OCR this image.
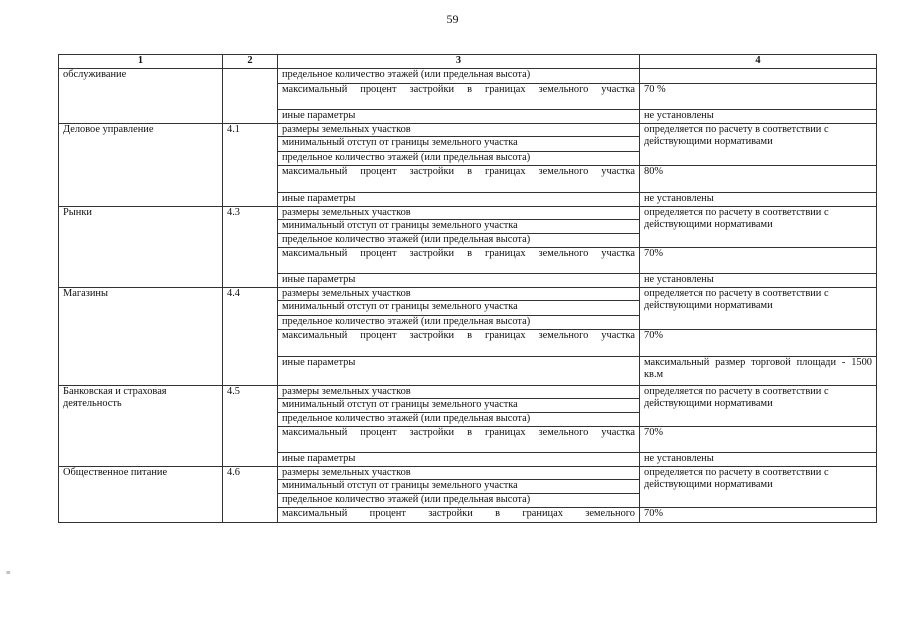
59
1	2	3	4
обслуживание		предельное количество этажей (или предельная высота)	
		максимальный процент застройки в границах земельного участка	70 %
		иные параметры	не установлены
Деловое управление	4.1	размеры земельных участков	определяется по расчету в соответствии с действующими нормативами
		минимальный отступ от границы земельного участка	
		предельное количество этажей (или предельная высота)	
		максимальный процент застройки в границах земельного участка	80%
		иные параметры	не установлены
Рынки	4.3	размеры земельных участков	определяется по расчету в соответствии с действующими нормативами
		минимальный отступ от границы земельного участка	
		предельное количество этажей (или предельная высота)	
		максимальный процент застройки в границах земельного участка	70%
		иные параметры	не установлены
Магазины	4.4	размеры земельных участков	определяется по расчету в соответствии с действующими нормативами
		минимальный отступ от границы земельного участка	
		предельное количество этажей (или предельная высота)	
		максимальный процент застройки в границах земельного участка	70%
		иные параметры	максимальный размер торговой площади - 1500 кв.м
Банковская и страховая деятельность	4.5	размеры земельных участков	определяется по расчету в соответствии с действующими нормативами
		минимальный отступ от границы земельного участка	
		предельное количество этажей (или предельная высота)	
		максимальный процент застройки в границах земельного участка	70%
		иные параметры	не установлены
Общественное питание	4.6	размеры земельных участков	определяется по расчету в соответствии с действующими нормативами
		минимальный отступ от границы земельного участка	
		предельное количество этажей (или предельная высота)	
		максимальный процент застройки в границах земельного	70%
≡
